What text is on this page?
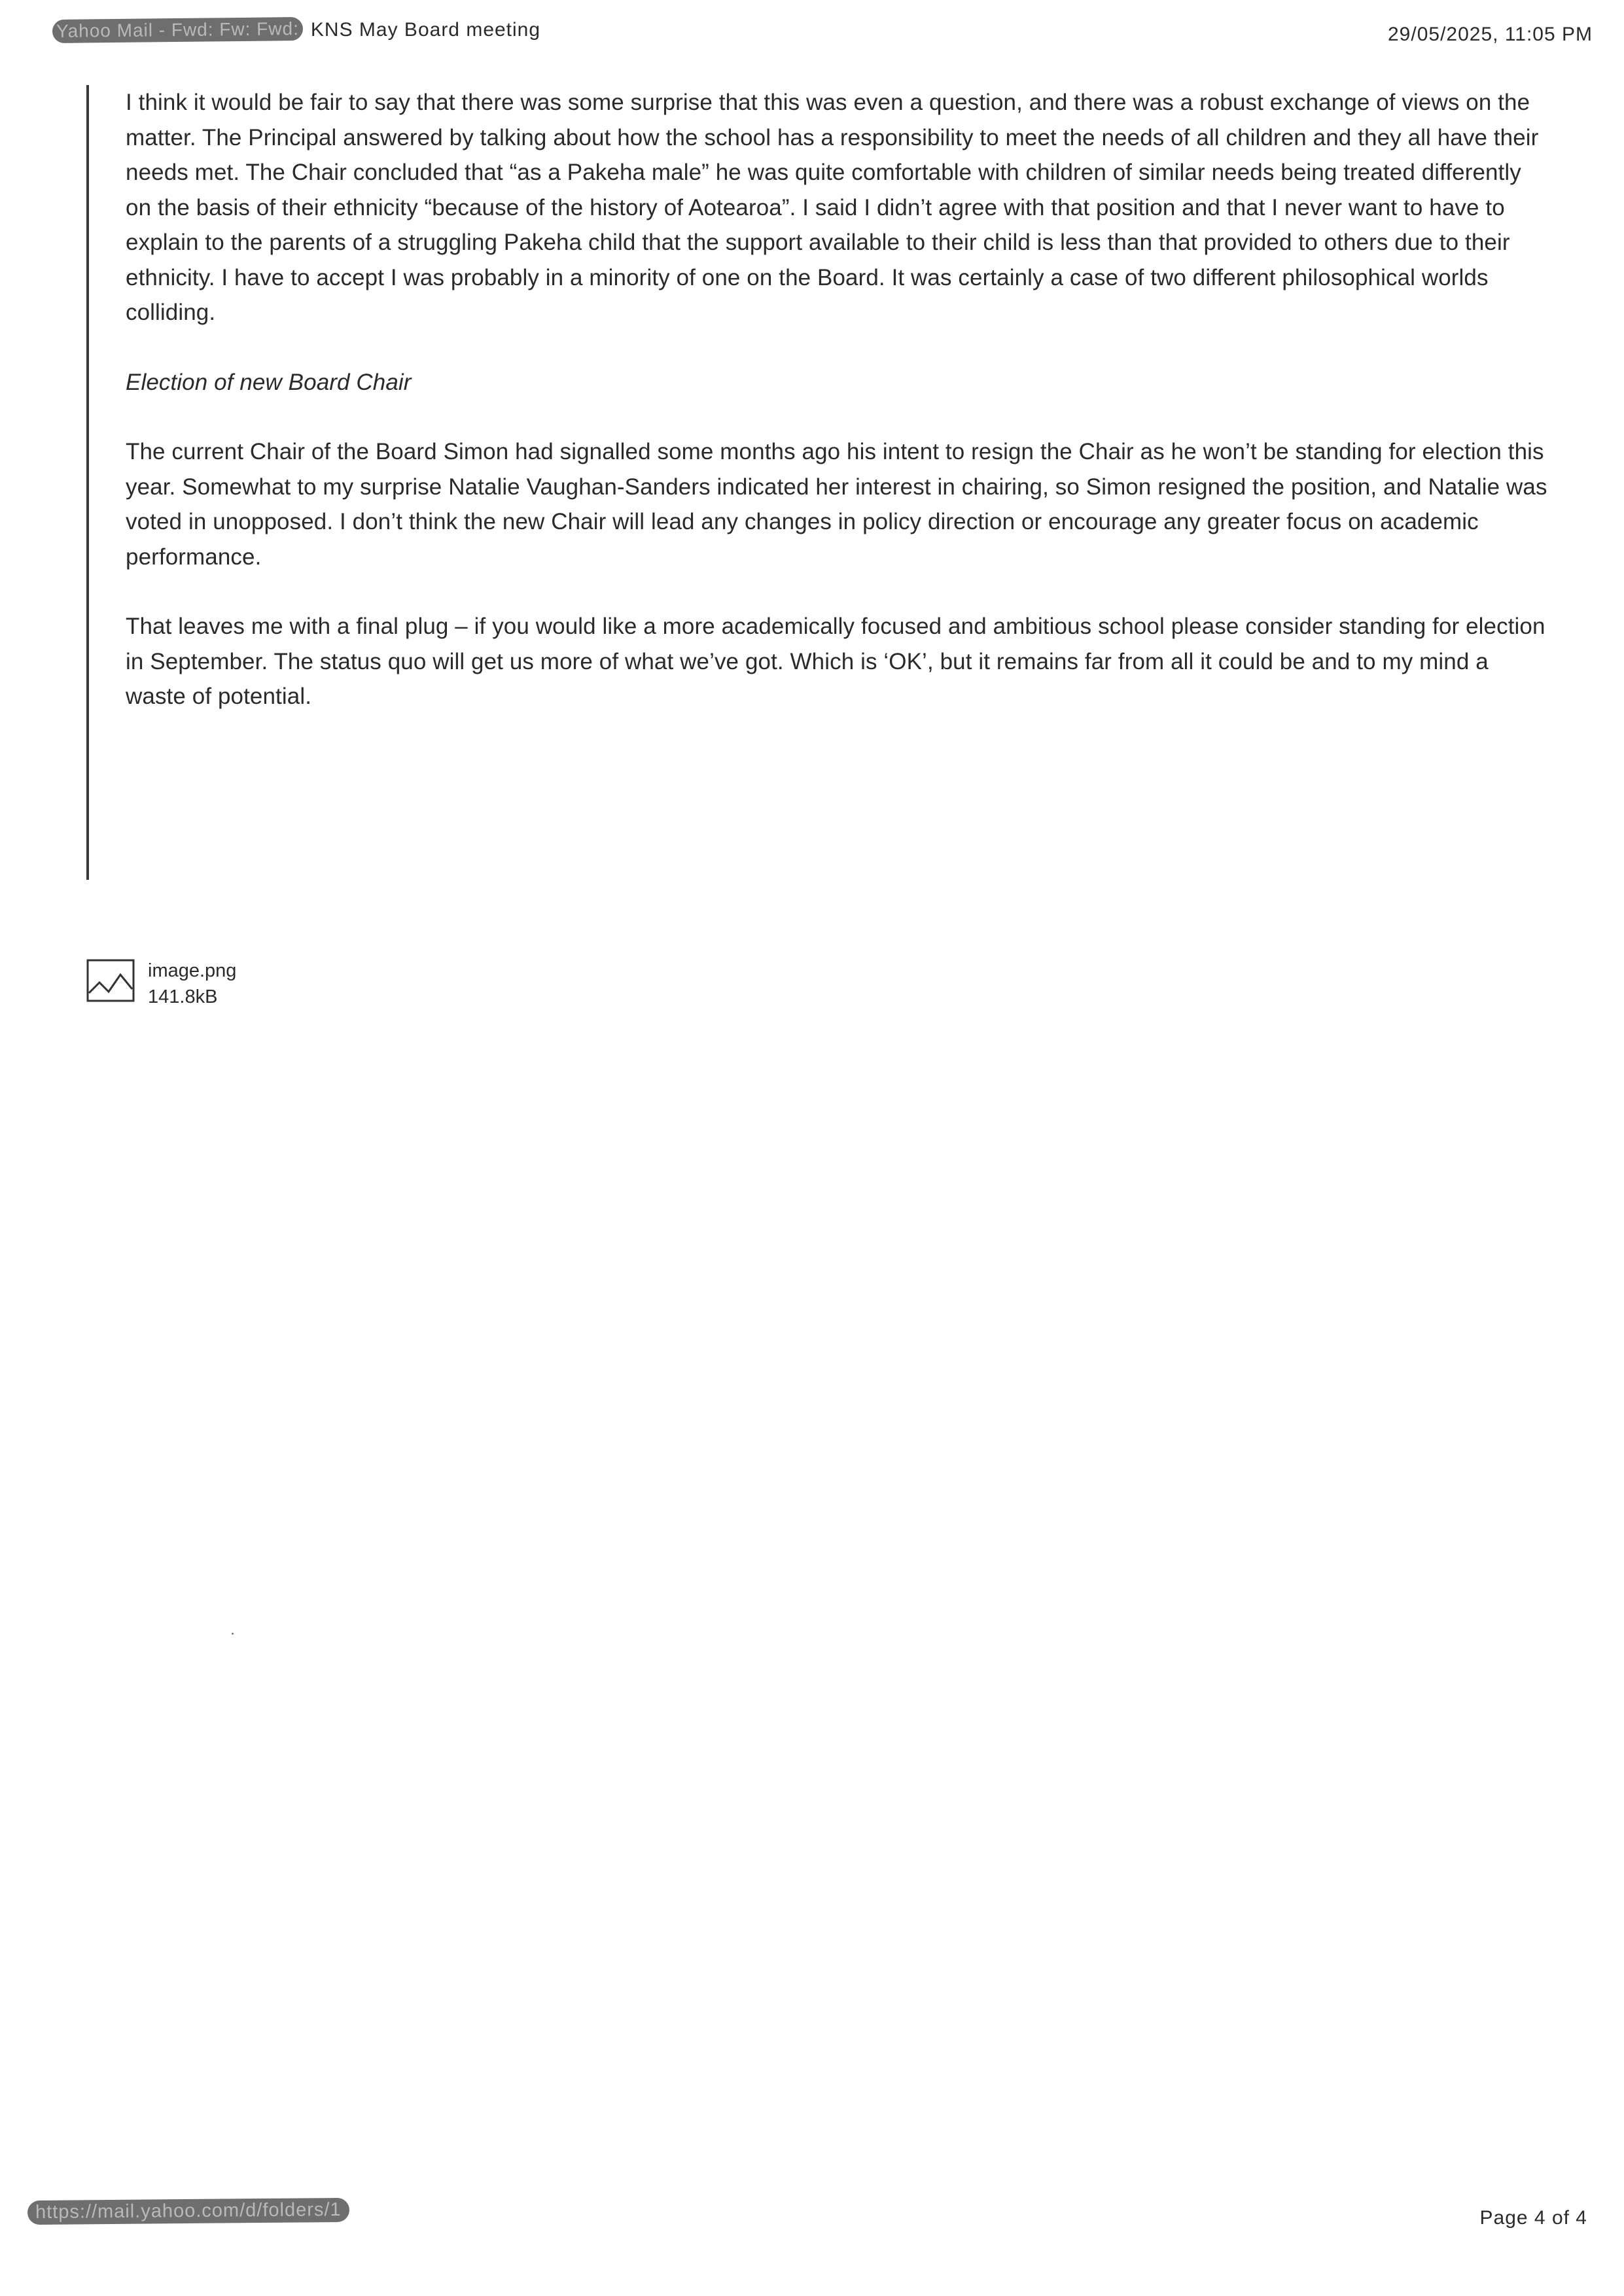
Yahoo Mail - Fwd: Fw: Fwd: KNS May Board meeting	29/05/2025, 11:05 PM

I think it would be fair to say that there was some surprise that this was even a question, and there was a robust exchange of views on the matter. The Principal answered by talking about how the school has a responsibility to meet the needs of all children and they all have their needs met. The Chair concluded that “as a Pakeha male” he was quite comfortable with children of similar needs being treated differently on the basis of their ethnicity “because of the history of Aotearoa”. I said I didn’t agree with that position and that I never want to have to explain to the parents of a struggling Pakeha child that the support available to their child is less than that provided to others due to their ethnicity. I have to accept I was probably in a minority of one on the Board. It was certainly a case of two different philosophical worlds colliding.

Election of new Board Chair

The current Chair of the Board Simon had signalled some months ago his intent to resign the Chair as he won’t be standing for election this year. Somewhat to my surprise Natalie Vaughan-Sanders indicated her interest in chairing, so Simon resigned the position, and Natalie was voted in unopposed. I don’t think the new Chair will lead any changes in policy direction or encourage any greater focus on academic performance.

That leaves me with a final plug – if you would like a more academically focused and ambitious school please consider standing for election in September. The status quo will get us more of what we’ve got. Which is ‘OK’, but it remains far from all it could be and to my mind a waste of potential.

image.png
141.8kB
https://mail.yahoo.com/d/folders/1	Page 4 of 4
